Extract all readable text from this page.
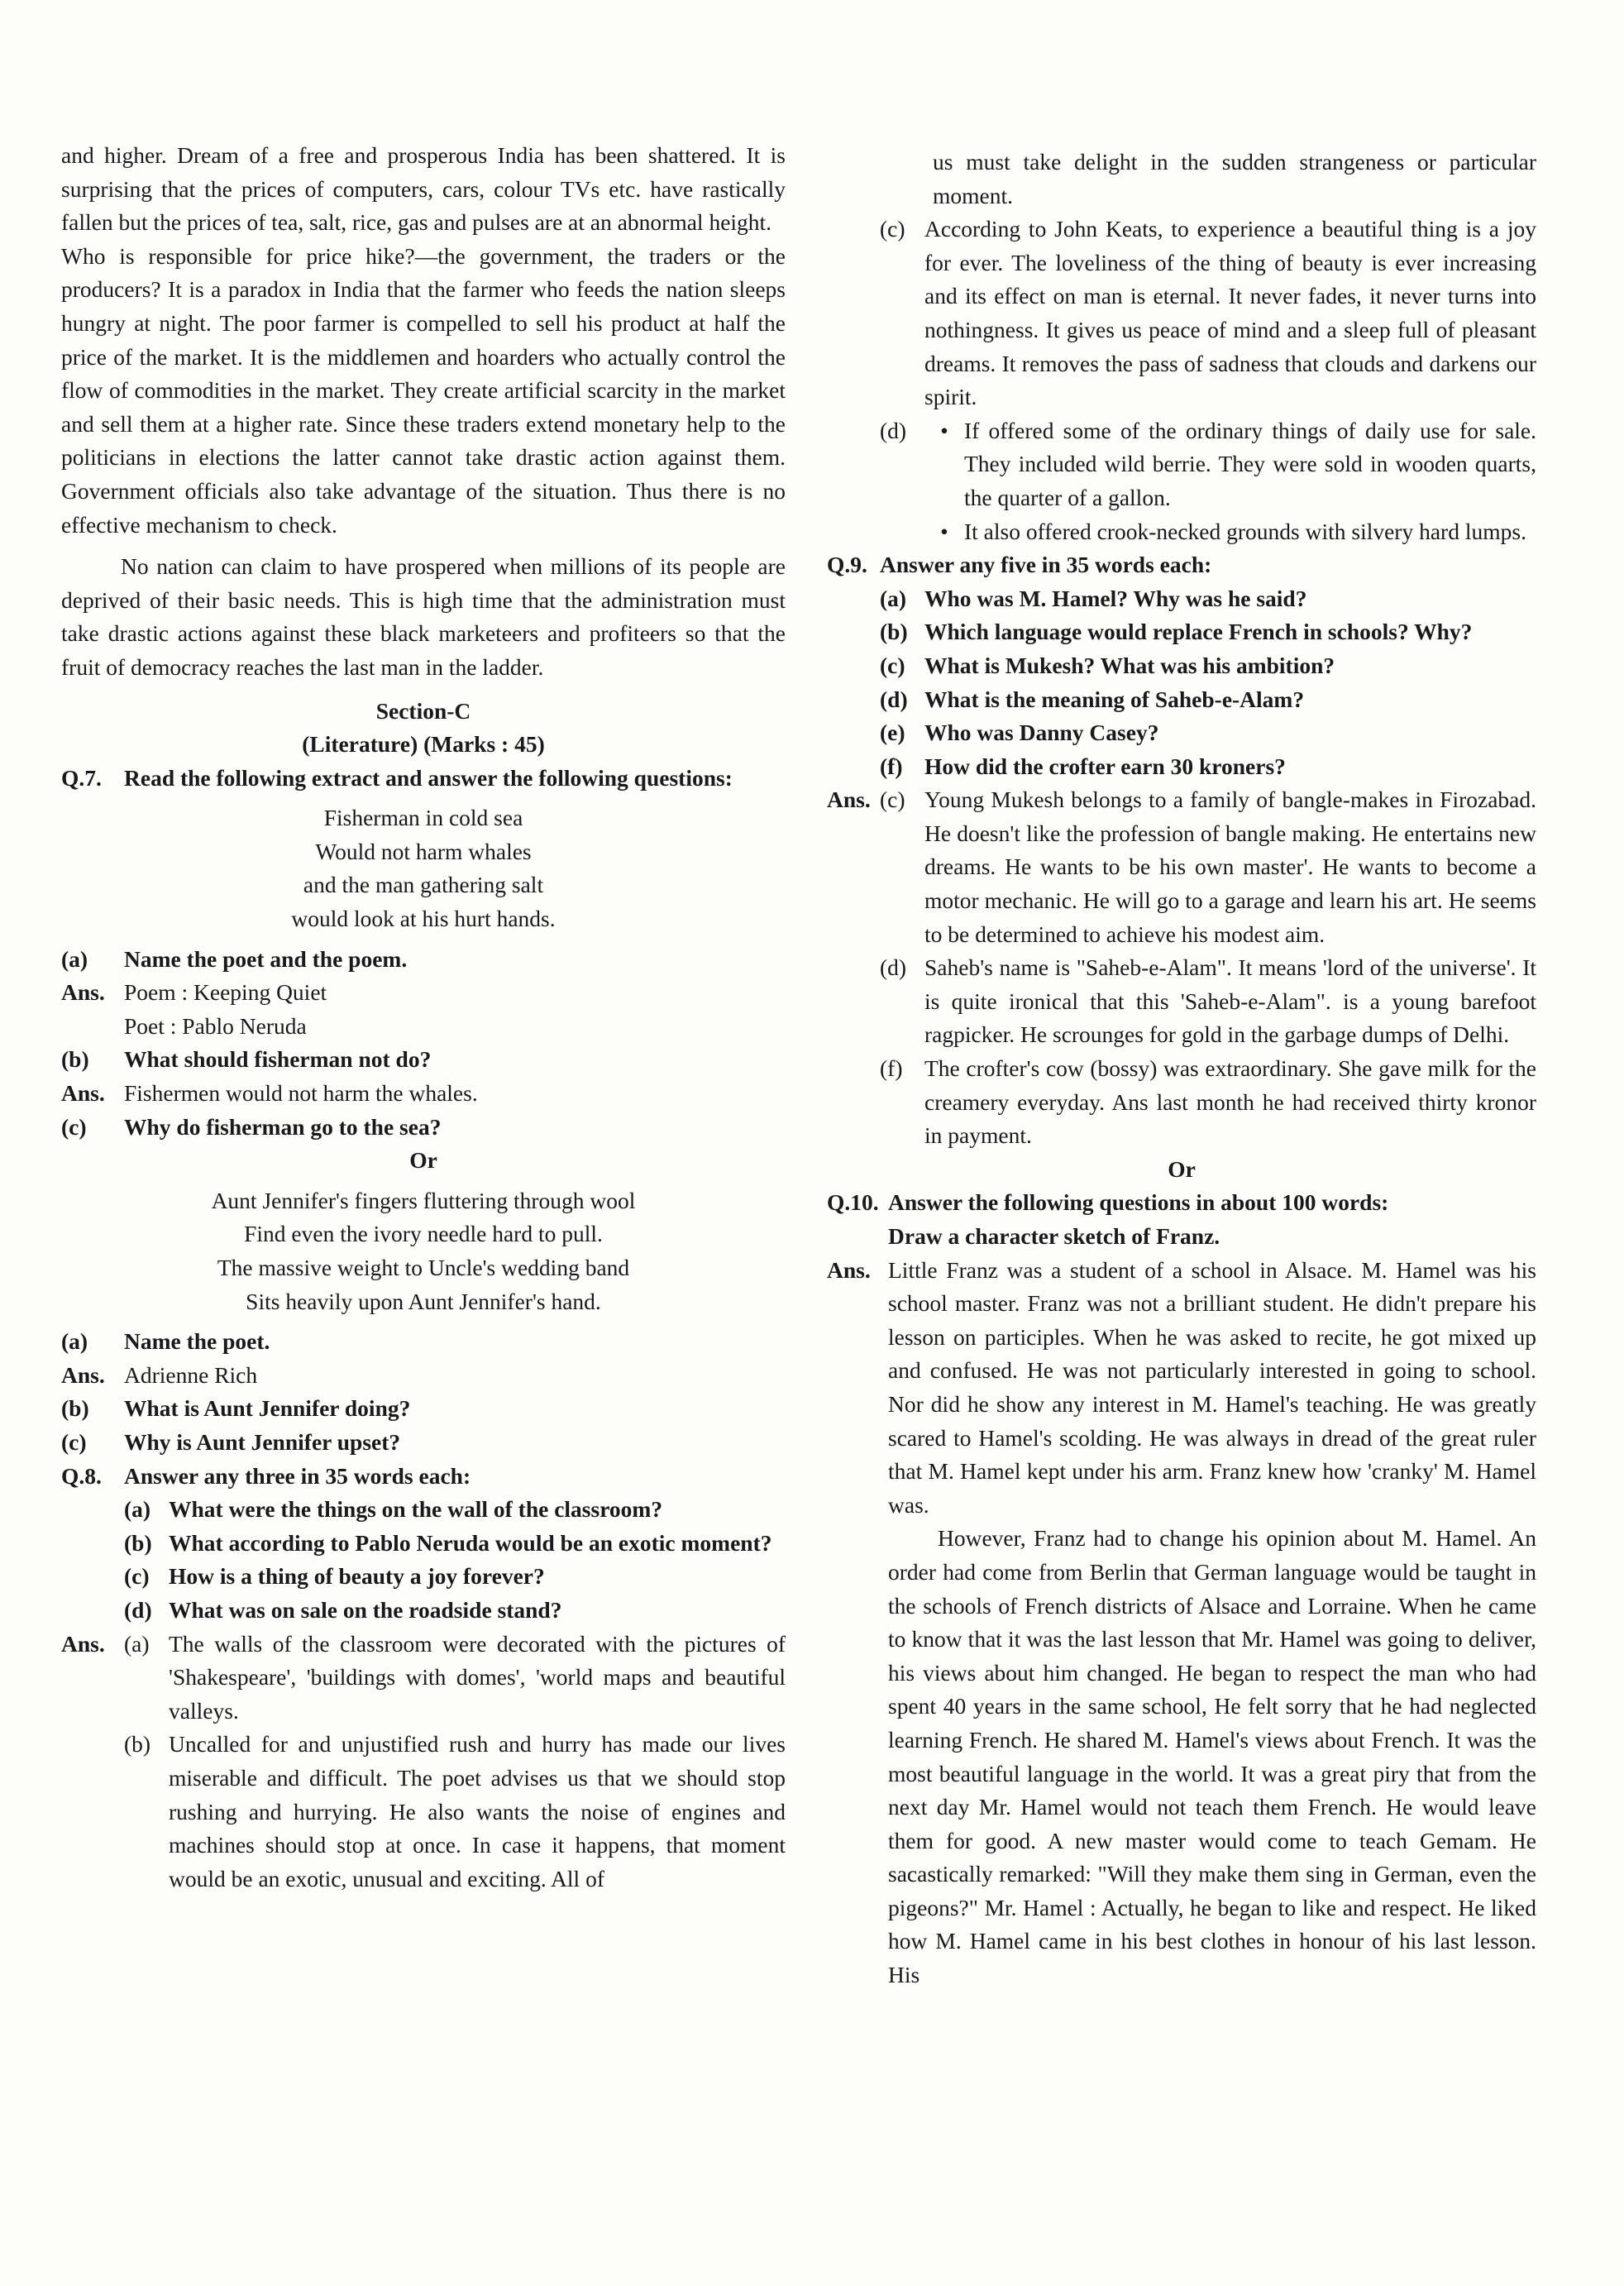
and higher. Dream of a free and prosperous India has been shattered. It is surprising that the prices of computers, cars, colour TVs etc. have rastically fallen but the prices of tea, salt, rice, gas and pulses are at an abnormal height.

Who is responsible for price hike?—the government, the traders or the producers? It is a paradox in India that the farmer who feeds the nation sleeps hungry at night. The poor farmer is compelled to sell his product at half the price of the market. It is the middlemen and hoarders who actually control the flow of commodities in the market. They create artificial scarcity in the market and sell them at a higher rate. Since these traders extend monetary help to the politicians in elections the latter cannot take drastic action against them. Government officials also take advantage of the situation. Thus there is no effective mechanism to check.

No nation can claim to have prospered when millions of its people are deprived of their basic needs. This is high time that the administration must take drastic actions against these black marketeers and profiteers so that the fruit of democracy reaches the last man in the ladder.

Section-C

(Literature) (Marks : 45)

Q.7. Read the following extract and answer the following questions:

Fisherman in cold sea

Would not harm whales

and the man gathering salt

would look at his hurt hands.

(a)	Name the poet and the poem.
Ans. Poem : Keeping Quiet

Poet : Pablo Neruda

(b)	What should fisherman not do?
Ans. Fishermen would not harm the whales.
(c)	Why do fisherman go to the sea?

Or

Aunt Jennifer's fingers fluttering through wool

Find even the ivory needle hard to pull.

The massive weight to Uncle's wedding band

Sits heavily upon Aunt Jennifer's hand.

(a)	Name the poet.
Ans. Adrienne Rich
(b)	What is Aunt Jennifer doing?
(c)	Why is Aunt Jennifer upset?
Q.8. Answer any three in 35 words each:
(a) What were the things on the wall of the classroom?
(b) What according to Pablo Neruda would be an exotic moment?
(c) How is a thing of beauty a joy forever?
(d) What was on sale on the roadside stand?
Ans. (a) The walls of the classroom were decorated with the pictures of 'Shakespeare', 'buildings with domes', 'world maps and beautiful valleys.
(b) Uncalled for and unjustified rush and hurry has made our lives miserable and difficult. The poet advises us that we should stop rushing and hurrying. He also wants the noise of engines and machines should stop at once. In case it happens, that moment would be an exotic, unusual and exciting. All of

us must take delight in the sudden strangeness or particular moment.

(c) According to John Keats, to experience a beautiful thing is a joy for ever. The loveliness of the thing of beauty is ever increasing and its effect on man is eternal. It never fades, it never turns into nothingness. It gives us peace of mind and a sleep full of pleasant dreams. It removes the pass of sadness that clouds and darkens our spirit.
(d)	• If offered some of the ordinary things of daily use for sale. They included wild berrie. They were sold in wooden quarts, the quarter of a gallon.
• It also offered crook-necked grounds with silvery hard lumps.
Q.9. Answer any five in 35 words each:
(a) Who was M. Hamel? Why was he said?
(b) Which language would replace French in schools? Why?
(c) What is Mukesh? What was his ambition?
(d) What is the meaning of Saheb-e-Alam?
(e) Who was Danny Casey?
(f) How did the crofter earn 30 kroners?
Ans. (c) Young Mukesh belongs to a family of bangle-makes in Firozabad. He doesn't like the profession of bangle making. He entertains new dreams. He wants to be his own master'. He wants to become a motor mechanic. He will go to a garage and learn his art. He seems to be determined to achieve his modest aim.
(d) Saheb's name is "Saheb-e-Alam". It means 'lord of the universe'. It is quite ironical that this 'Saheb-e-Alam". is a young barefoot ragpicker. He scrounges for gold in the garbage dumps of Delhi.
(f) The crofter's cow (bossy) was extraordinary. She gave milk for the creamery everyday. Ans last month he had received thirty kronor in payment.

Or

Q.10. Answer the following questions in about 100 words:

Draw a character sketch of Franz.

Ans. Little Franz was a student of a school in Alsace. M. Hamel was his school master. Franz was not a brilliant student. He didn't prepare his lesson on participles. When he was asked to recite, he got mixed up and confused. He was not particularly interested in going to school. Nor did he show any interest in M. Hamel's teaching. He was greatly scared to Hamel's scolding. He was always in dread of the great ruler that M. Hamel kept under his arm. Franz knew how 'cranky' M. Hamel was.

However, Franz had to change his opinion about M. Hamel. An order had come from Berlin that German language would be taught in the schools of French districts of Alsace and Lorraine. When he came to know that it was the last lesson that Mr. Hamel was going to deliver, his views about him changed. He began to respect the man who had spent 40 years in the same school, He felt sorry that he had neglected learning French. He shared M. Hamel's views about French. It was the most beautiful language in the world. It was a great piry that from the next day Mr. Hamel would not teach them French. He would leave them for good. A new master would come to teach Gemam. He sacastically remarked: "Will they make them sing in German, even the pigeons?" Mr. Hamel : Actually, he began to like and respect. He liked how M. Hamel came in his best clothes in honour of his last lesson. His
